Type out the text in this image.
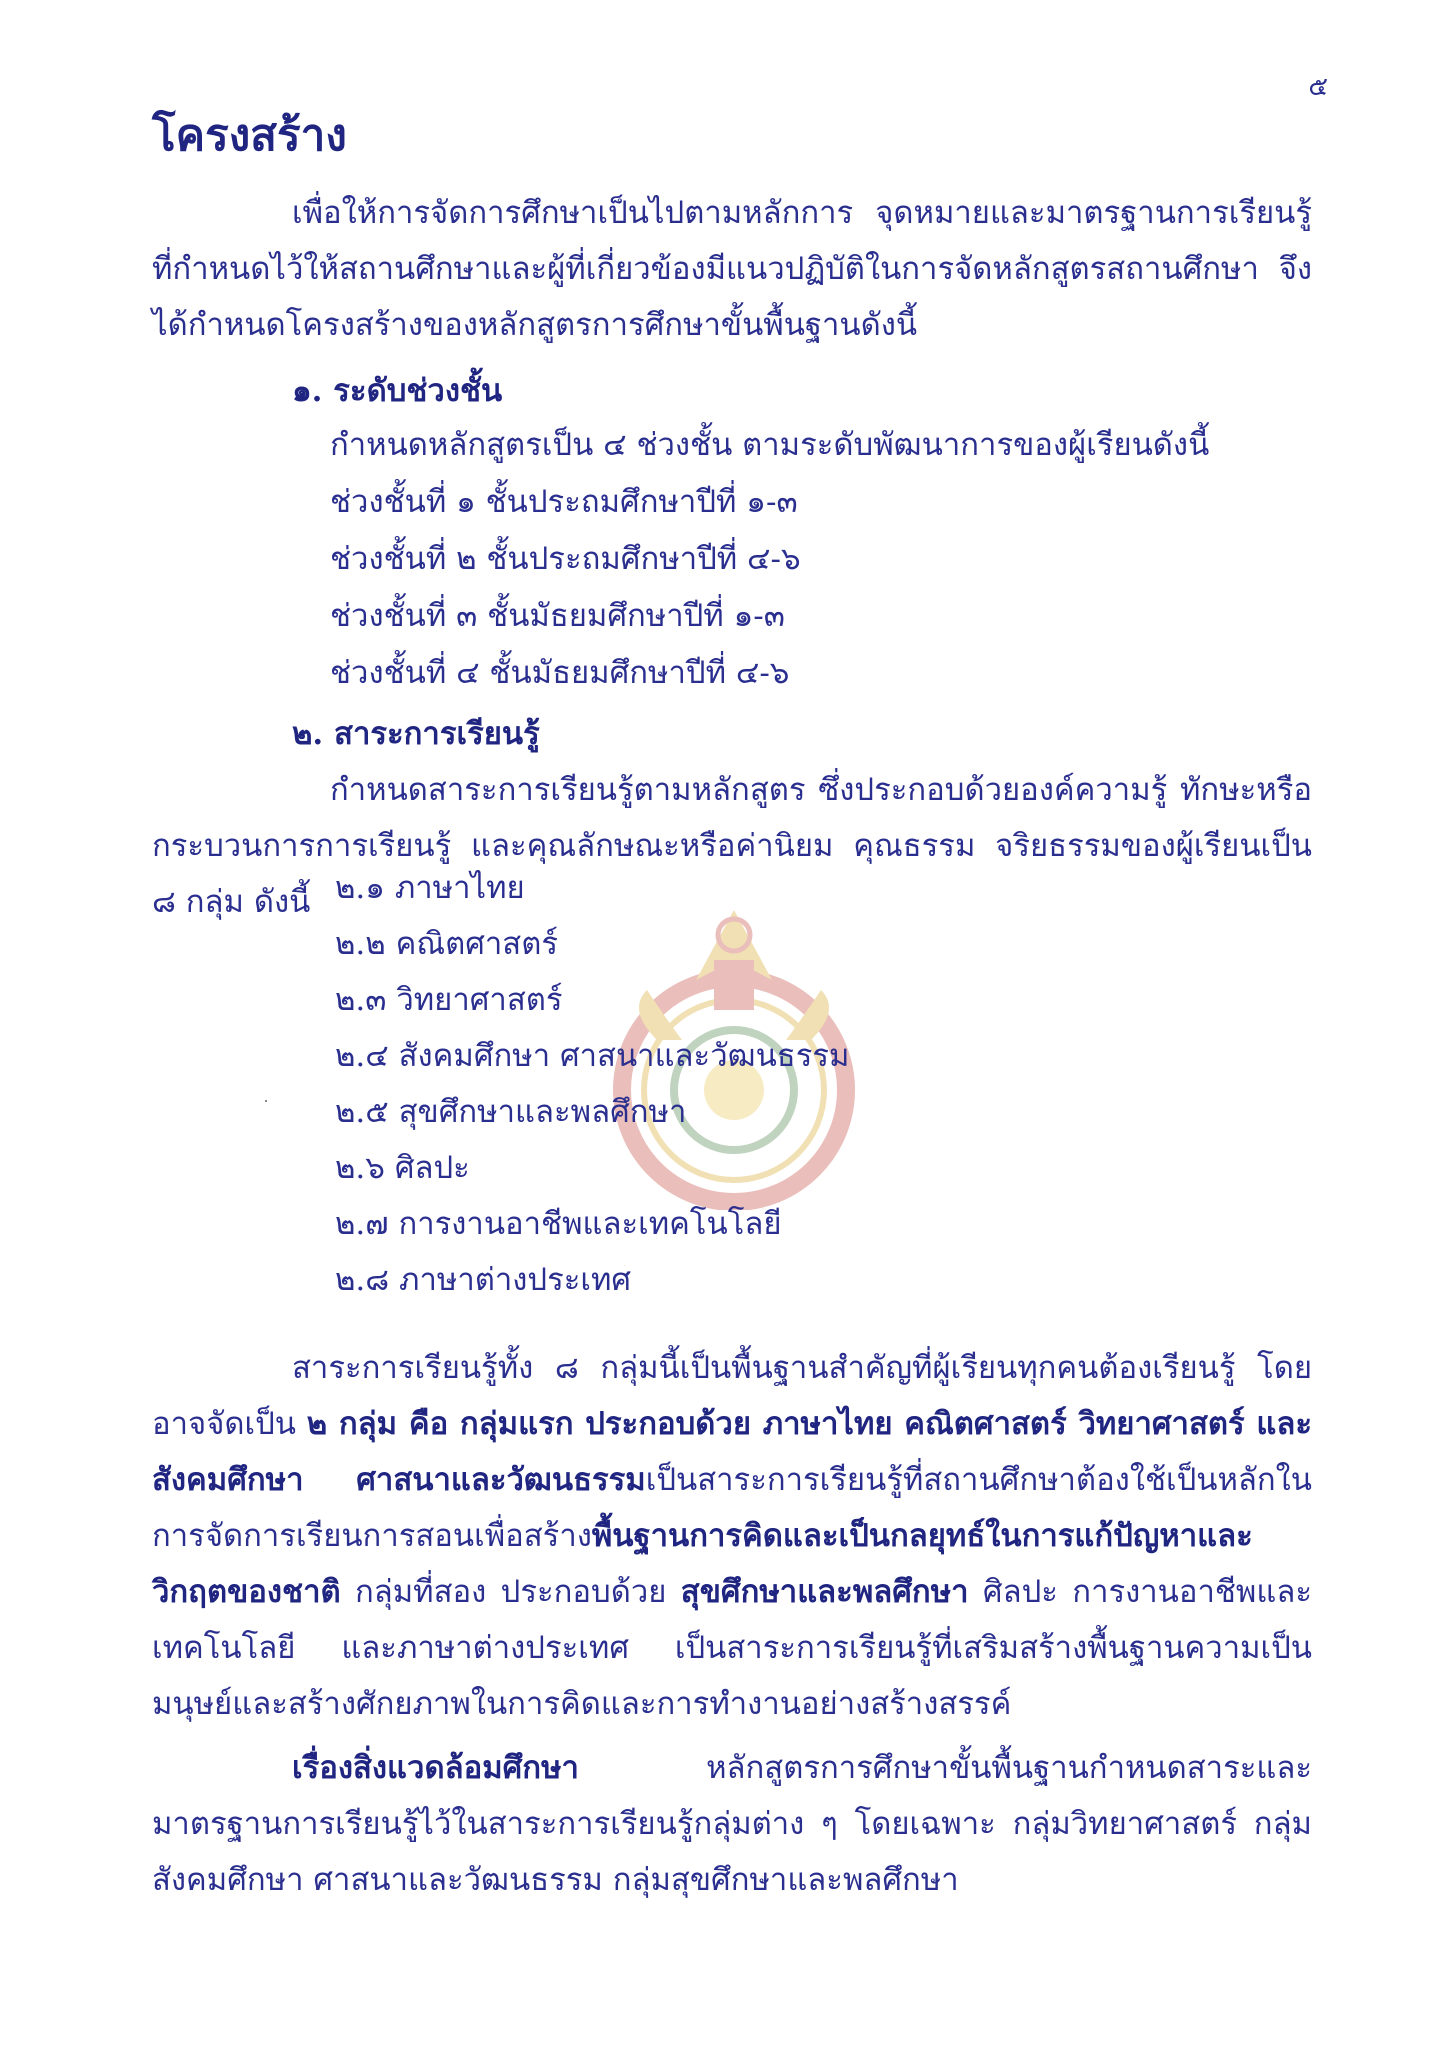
๕
โครงสร้าง
เพื่อให้การจัดการศึกษาเป็นไปตามหลักการ จุดหมายและมาตรฐานการเรียนรู้ ที่กำหนดไว้ให้สถานศึกษาและผู้ที่เกี่ยวข้องมีแนวปฏิบัติในการจัดหลักสูตรสถานศึกษา จึงได้กำหนดโครงสร้างของหลักสูตรการศึกษาขั้นพื้นฐานดังนี้
๑. ระดับช่วงชั้น
กำหนดหลักสูตรเป็น ๔ ช่วงชั้น ตามระดับพัฒนาการของผู้เรียนดังนี้
ช่วงชั้นที่ ๑ ชั้นประถมศึกษาปีที่ ๑-๓
ช่วงชั้นที่ ๒ ชั้นประถมศึกษาปีที่ ๔-๖
ช่วงชั้นที่ ๓ ชั้นมัธยมศึกษาปีที่ ๑-๓
ช่วงชั้นที่ ๔ ชั้นมัธยมศึกษาปีที่ ๔-๖
๒. สาระการเรียนรู้
กำหนดสาระการเรียนรู้ตามหลักสูตร ซึ่งประกอบด้วยองค์ความรู้ ทักษะหรือกระบวนการการเรียนรู้ และคุณลักษณะหรือค่านิยม คุณธรรม จริยธรรมของผู้เรียนเป็น ๘ กลุ่ม ดังนี้ ๒.๑ ภาษาไทย
๒.๒ คณิตศาสตร์
๒.๓ วิทยาศาสตร์
๒.๔ สังคมศึกษา ศาสนาและวัฒนธรรม
๒.๕ สุขศึกษาและพลศึกษา
๒.๖ ศิลปะ
๒.๗ การงานอาชีพและเทคโนโลยี
๒.๘ ภาษาต่างประเทศ
สาระการเรียนรู้ทั้ง ๘ กลุ่มนี้เป็นพื้นฐานสำคัญที่ผู้เรียนทุกคนต้องเรียนรู้ โดยอาจจัดเป็น ๒ กลุ่ม คือ กลุ่มแรก ประกอบด้วย ภาษาไทย คณิตศาสตร์ วิทยาศาสตร์ และสังคมศึกษา ศาสนาและวัฒนธรรมเป็นสาระการเรียนรู้ที่สถานศึกษาต้องใช้เป็นหลักในการจัดการเรียนการสอนเพื่อสร้างพื้นฐานการคิดและเป็นกลยุทธ์ในการแก้ปัญหาและวิกฤตของชาติ กลุ่มที่สอง ประกอบด้วย สุขศึกษาและพลศึกษา ศิลปะ การงานอาชีพและเทคโนโลยี และภาษาต่างประเทศ เป็นสาระการเรียนรู้ที่เสริมสร้างพื้นฐานความเป็นมนุษย์และสร้างศักยภาพในการคิดและการทำงานอย่างสร้างสรรค์
เรื่องสิ่งแวดล้อมศึกษา หลักสูตรการศึกษาขั้นพื้นฐานกำหนดสาระและมาตรฐานการเรียนรู้ไว้ในสาระการเรียนรู้กลุ่มต่าง ๆ โดยเฉพาะ กลุ่มวิทยาศาสตร์ กลุ่มสังคมศึกษา ศาสนาและวัฒนธรรม กลุ่มสุขศึกษาและพลศึกษา
